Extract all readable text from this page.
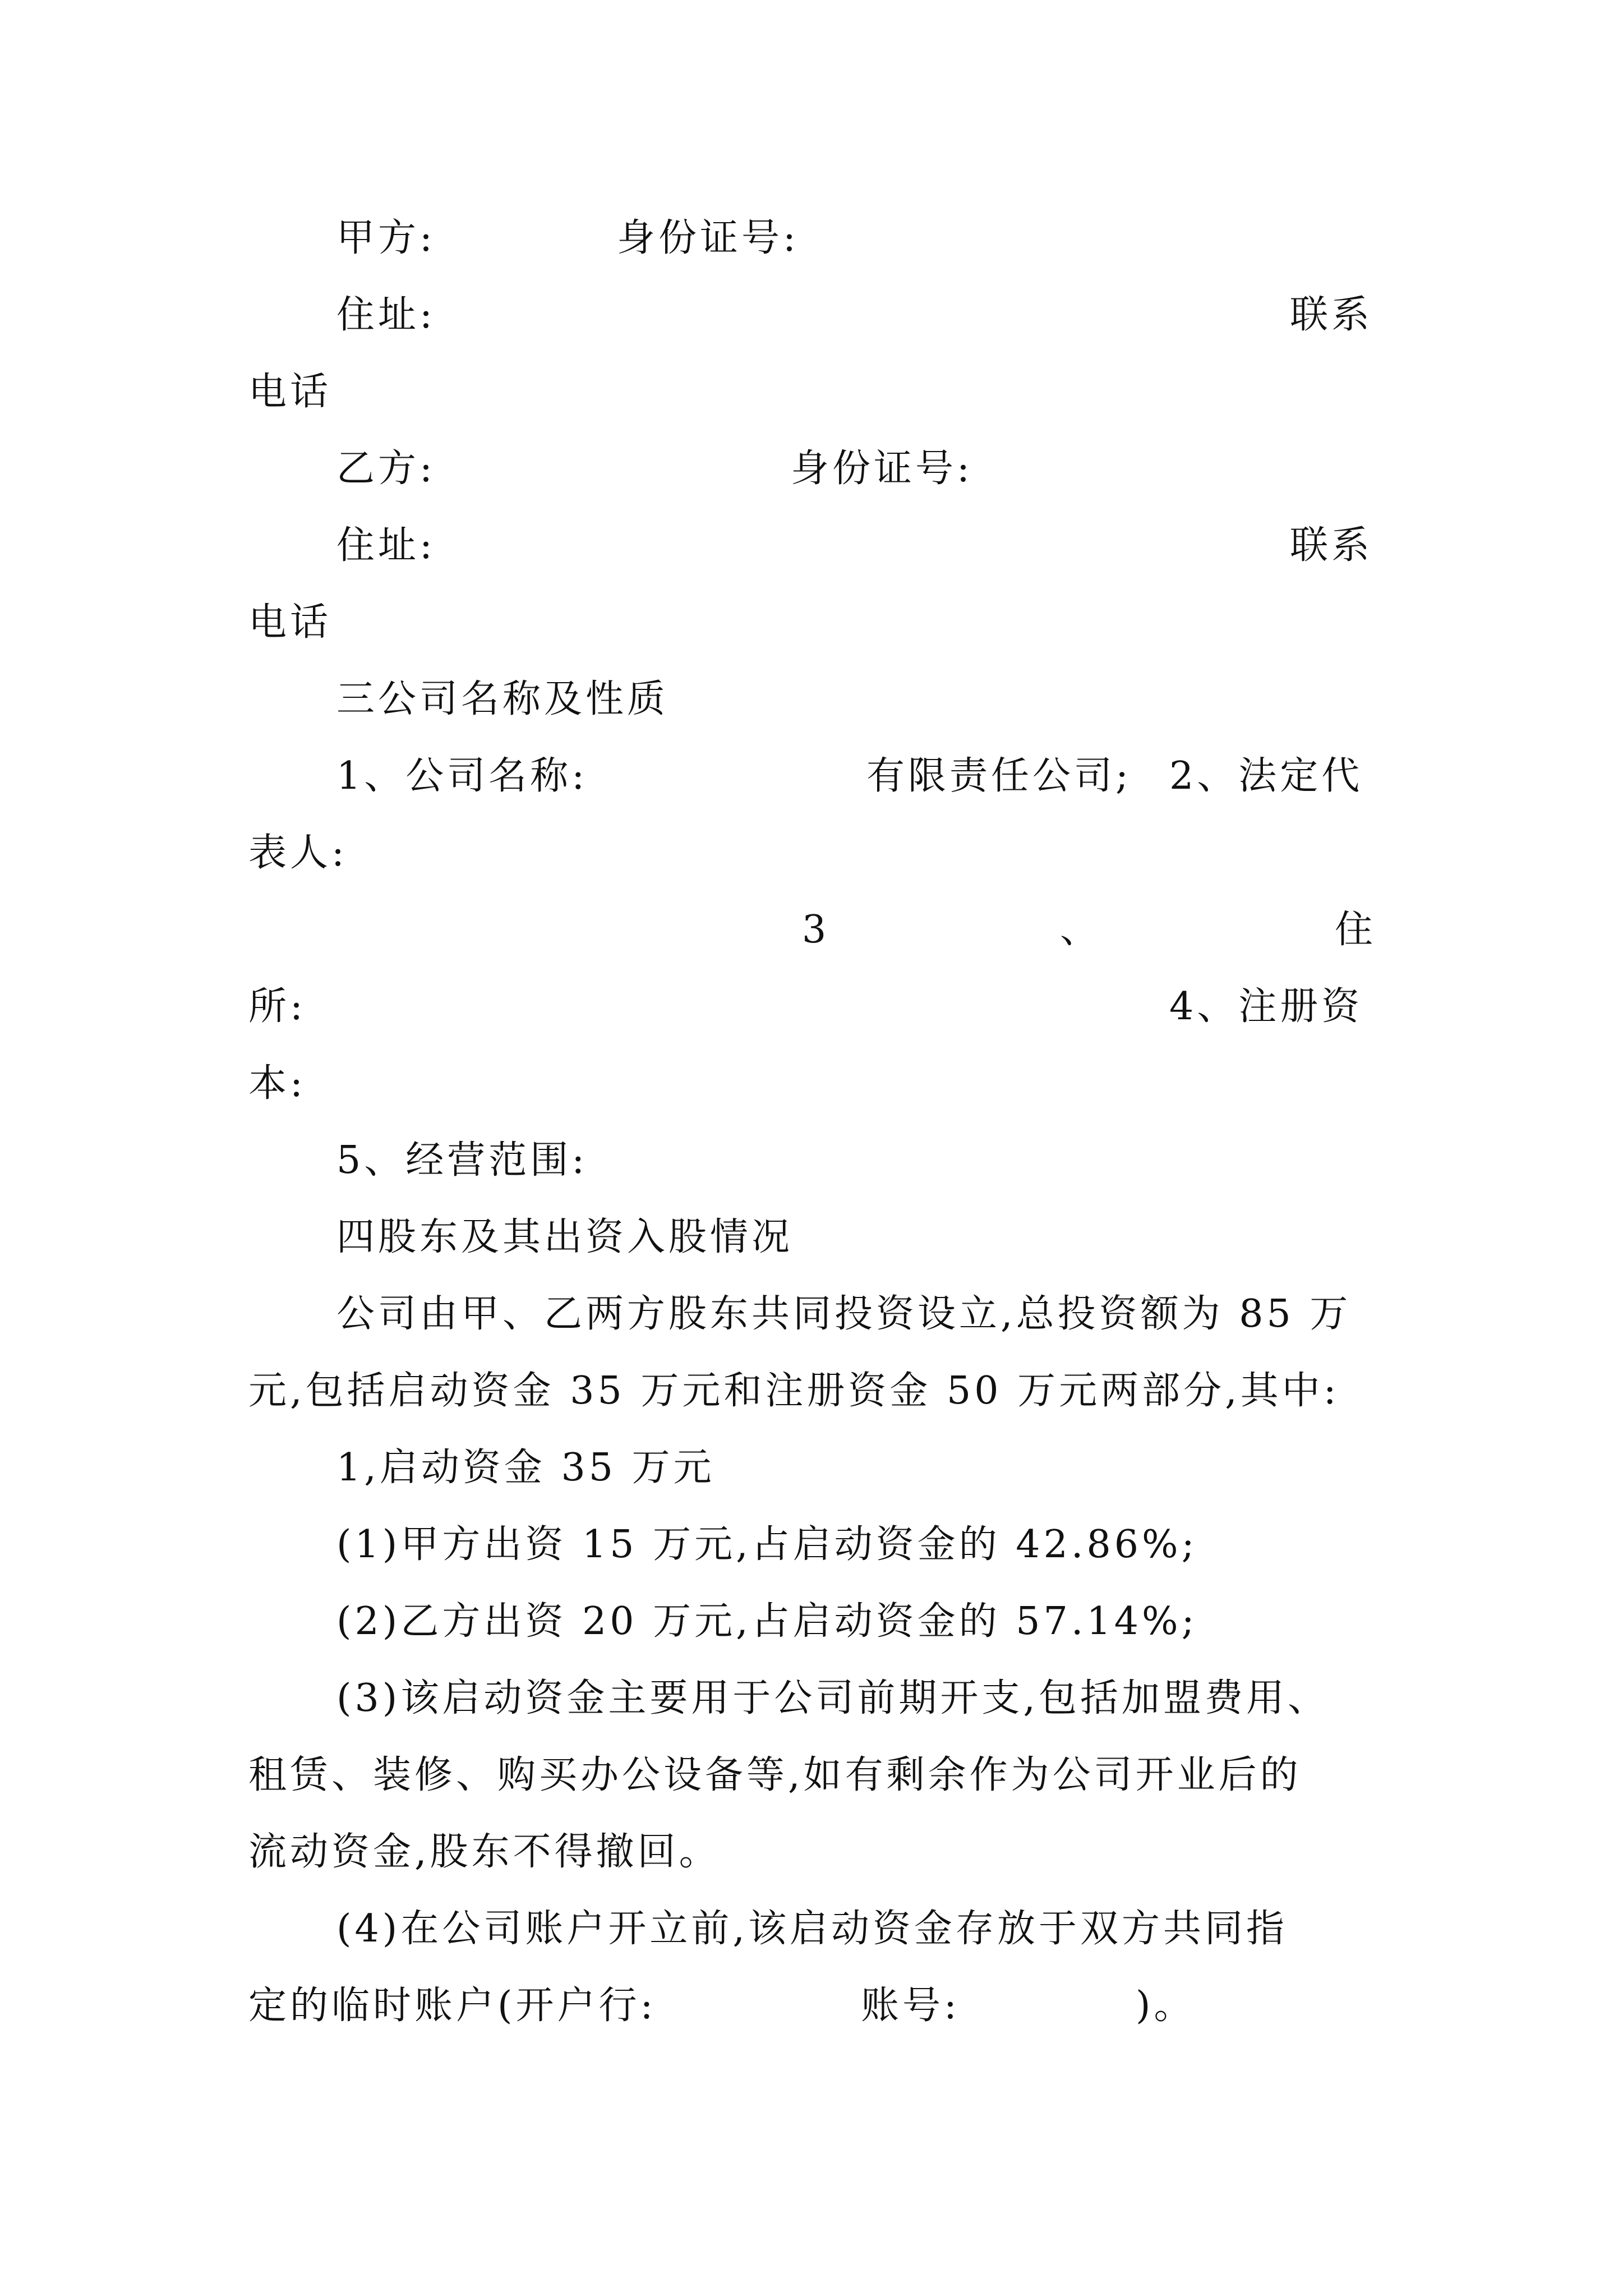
甲方:	身份证号:
住址:	联系
电话
乙方:	身份证号:
住址:	联系
电话
三公司名称及性质
1、公司名称:	有限责任公司; 2、法定代
表人:
3	、	住
所:	4、注册资
本:
5、经营范围:
四股东及其出资入股情况
公司由甲、乙两方股东共同投资设立,总投资额为 85 万
元,包括启动资金 35 万元和注册资金 50 万元两部分,其中:
1,启动资金 35 万元
(1)甲方出资 15 万元,占启动资金的 42.86%;
(2)乙方出资 20 万元,占启动资金的 57.14%;
(3)该启动资金主要用于公司前期开支,包括加盟费用、
租赁、装修、购买办公设备等,如有剩余作为公司开业后的
流动资金,股东不得撤回。
(4)在公司账户开立前,该启动资金存放于双方共同指
定的临时账户(开户行:	账号:	)。
